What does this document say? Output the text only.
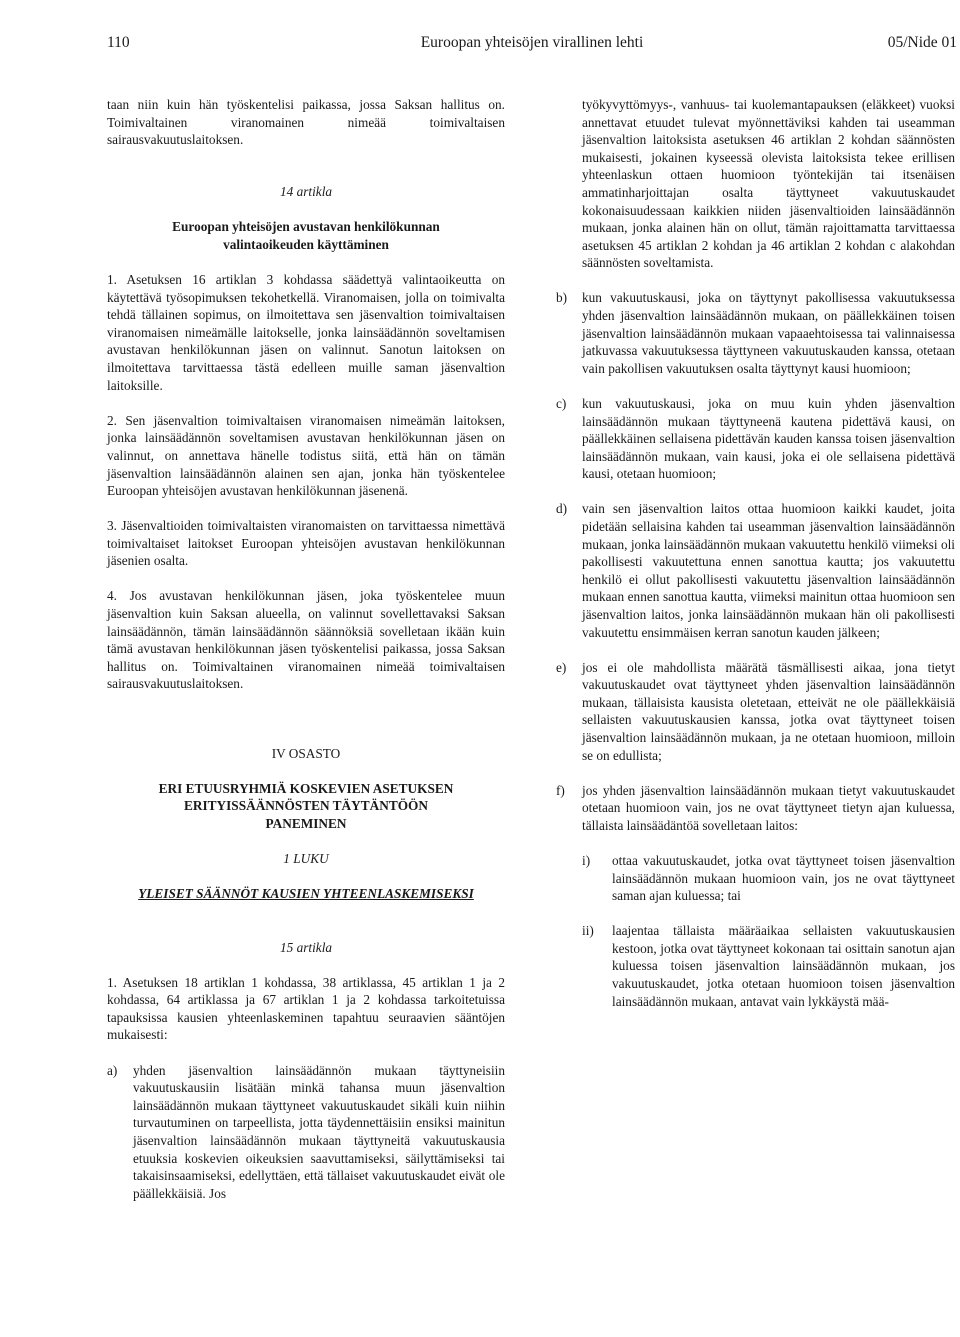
110	Euroopan yhteisöjen virallinen lehti	05/Nide 01

taan niin kuin hän työskentelisi paikassa, jossa Saksan hallitus on. Toimivaltainen viranomainen nimeää toimivaltaisen sairausvakuutuslaitoksen.

14 artikla

Euroopan yhteisöjen avustavan henkilökunnan valintaoikeuden käyttäminen

1. Asetuksen 16 artiklan 3 kohdassa säädettyä valintaoikeutta on käytettävä työsopimuksen tekohetkellä. Viranomaisen, jolla on toimivalta tehdä tällainen sopimus, on ilmoitettava sen jäsenvaltion toimivaltaisen viranomaisen nimeämälle laitokselle, jonka lainsäädännön soveltamisen avustavan henkilökunnan jäsen on valinnut. Sanotun laitoksen on ilmoitettava tarvittaessa tästä edelleen muille saman jäsenvaltion laitoksille.

2. Sen jäsenvaltion toimivaltaisen viranomaisen nimeämän laitoksen, jonka lainsäädännön soveltamisen avustavan henkilökunnan jäsen on valinnut, on annettava hänelle todistus siitä, että hän on tämän jäsenvaltion lainsäädännön alainen sen ajan, jonka hän työskentelee Euroopan yhteisöjen avustavan henkilökunnan jäsenenä.

3. Jäsenvaltioiden toimivaltaisten viranomaisten on tarvittaessa nimettävä toimivaltaiset laitokset Euroopan yhteisöjen avustavan henkilökunnan jäsenien osalta.

4. Jos avustavan henkilökunnan jäsen, joka työskentelee muun jäsenvaltion kuin Saksan alueella, on valinnut sovellettavaksi Saksan lainsäädännön, tämän lainsäädännön säännöksiä sovelletaan ikään kuin tämä avustavan henkilökunnan jäsen työskentelisi paikassa, jossa Saksan hallitus on. Toimivaltainen viranomainen nimeää toimivaltaisen sairausvakuutuslaitoksen.

IV OSASTO

ERI ETUUSRYHMIÄ KOSKEVIEN ASETUKSEN ERITYISSÄÄNNÖSTEN TÄYTÄNTÖÖN PANEMINEN

1 LUKU

YLEISET SÄÄNNÖT KAUSIEN YHTEENLASKEMISEKSI

15 artikla

1. Asetuksen 18 artiklan 1 kohdassa, 38 artiklassa, 45 artiklan 1 ja 2 kohdassa, 64 artiklassa ja 67 artiklan 1 ja 2 kohdassa tarkoitetuissa tapauksissa kausien yhteenlaskeminen tapahtuu seuraavien sääntöjen mukaisesti:

a)	yhden jäsenvaltion lainsäädännön mukaan täyttyneisiin vakuutuskausiin lisätään minkä tahansa muun jäsenvaltion lainsäädännön mukaan täyttyneet vakuutuskaudet sikäli kuin niihin turvautuminen on tarpeellista, jotta täydennettäisiin ensiksi mainitun jäsenvaltion lainsäädännön mukaan täyttyneitä vakuutuskausia etuuksia koskevien oikeuksien saavuttamiseksi, säilyttämiseksi tai takaisinsaamiseksi, edellyttäen, että tällaiset vakuutuskaudet eivät ole päällekkäisiä. Jos

työkyvyttömyys-, vanhuus- tai kuolemantapauksen (eläkkeet) vuoksi annettavat etuudet tulevat myönnettäviksi kahden tai useamman jäsenvaltion laitoksista asetuksen 46 artiklan 2 kohdan säännösten mukaisesti, jokainen kyseessä olevista laitoksista tekee erillisen yhteenlaskun ottaen huomioon työntekijän tai itsenäisen ammatinharjoittajan osalta täyttyneet vakuutuskaudet kokonaisuudessaan kaikkien niiden jäsenvaltioiden lainsäädännön mukaan, jonka alainen hän on ollut, tämän rajoittamatta tarvittaessa asetuksen 45 artiklan 2 kohdan ja 46 artiklan 2 kohdan c alakohdan säännösten soveltamista.

b)	kun vakuutuskausi, joka on täyttynyt pakollisessa vakuutuksessa yhden jäsenvaltion lainsäädännön mukaan, on päällekkäinen toisen jäsenvaltion lainsäädännön mukaan vapaaehtoisessa tai valinnaisessa jatkuvassa vakuutuksessa täyttyneen vakuutuskauden kanssa, otetaan vain pakollisen vakuutuksen osalta täyttynyt kausi huomioon;
c)	kun vakuutuskausi, joka on muu kuin yhden jäsenvaltion lainsäädännön mukaan täyttyneenä kautena pidettävä kausi, on päällekkäinen sellaisena pidettävän kauden kanssa toisen jäsenvaltion lainsäädännön mukaan, vain kausi, joka ei ole sellaisena pidettävä kausi, otetaan huomioon;
d)	vain sen jäsenvaltion laitos ottaa huomioon kaikki kaudet, joita pidetään sellaisina kahden tai useamman jäsenvaltion lainsäädännön mukaan, jonka lainsäädännön mukaan vakuutettu henkilö viimeksi oli pakollisesti vakuutettuna ennen sanottua kautta; jos vakuutettu henkilö ei ollut pakollisesti vakuutettu jäsenvaltion lainsäädännön mukaan ennen sanottua kautta, viimeksi mainitun ottaa huomioon sen jäsenvaltion laitos, jonka lainsäädännön mukaan hän oli pakollisesti vakuutettu ensimmäisen kerran sanotun kauden jälkeen;
e)	jos ei ole mahdollista määrätä täsmällisesti aikaa, jona tietyt vakuutuskaudet ovat täyttyneet yhden jäsenvaltion lainsäädännön mukaan, tällaisista kausista oletetaan, etteivät ne ole päällekkäisiä sellaisten vakuutuskausien kanssa, jotka ovat täyttyneet toisen jäsenvaltion lainsäädännön mukaan, ja ne otetaan huomioon, milloin se on edullista;
f)	jos yhden jäsenvaltion lainsäädännön mukaan tietyt vakuutuskaudet otetaan huomioon vain, jos ne ovat täyttyneet tietyn ajan kuluessa, tällaista lainsäädäntöä sovelletaan laitos:
i)	ottaa vakuutuskaudet, jotka ovat täyttyneet toisen jäsenvaltion lainsäädännön mukaan huomioon vain, jos ne ovat täyttyneet saman ajan kuluessa; tai
ii)	laajentaa tällaista määräaikaa sellaisten vakuutuskausien kestoon, jotka ovat täyttyneet kokonaan tai osittain sanotun ajan kuluessa toisen jäsenvaltion lainsäädännön mukaan, jos vakuutuskaudet, jotka otetaan huomioon toisen jäsenvaltion lainsäädännön mukaan, antavat vain lykkäystä mää-
